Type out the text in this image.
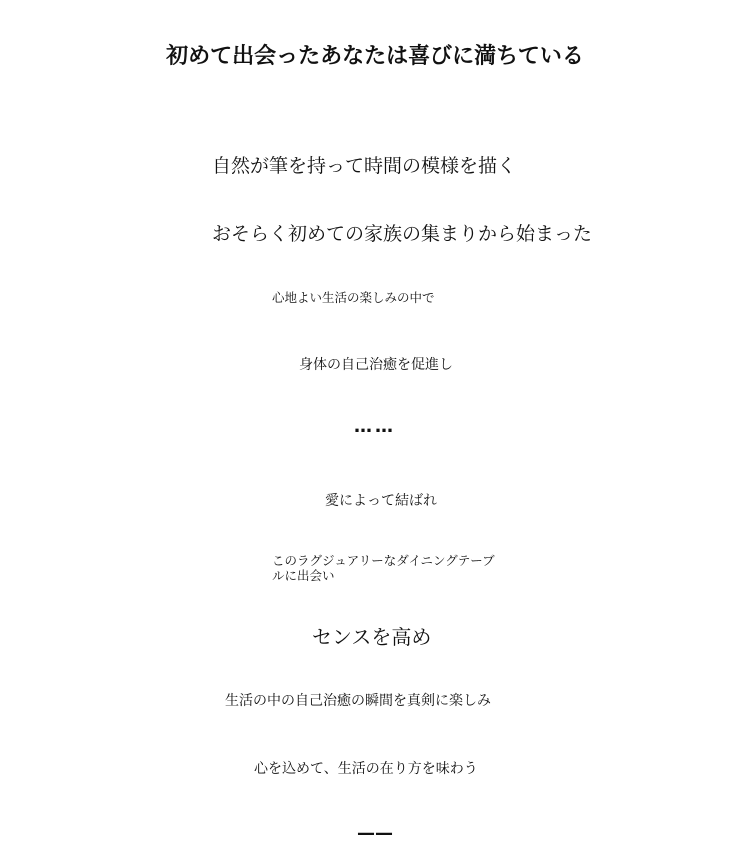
初めて出会ったあなたは喜びに満ちている

自然が筆を持って時間の模様を描く

おそらく初めての家族の集まりから始まった

心地よい生活の楽しみの中で

身体の自己治癒を促進し

……

愛によって結ばれ

このラグジュアリーなダイニングテーブルに出会い

センスを高め

生活の中の自己治癒の瞬間を真剣に楽しみ

心を込めて、生活の在り方を味わう

——
